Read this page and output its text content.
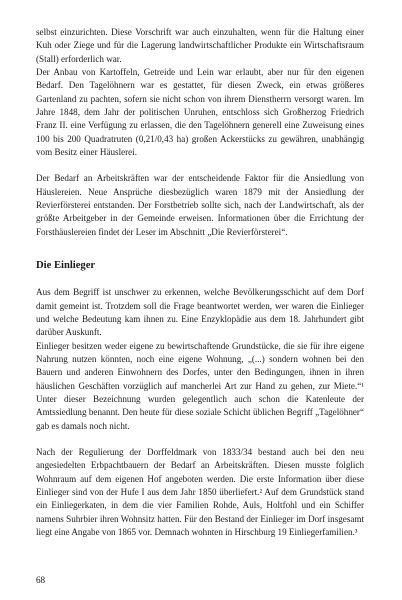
selbst einzurichten. Diese Vorschrift war auch einzuhalten, wenn für die Haltung einer Kuh oder Ziege und für die Lagerung landwirtschaftlicher Produkte ein Wirtschaftsraum (Stall) erforderlich war.

Der Anbau von Kartoffeln, Getreide und Lein war erlaubt, aber nur für den eigenen Bedarf. Den Tagelöhnern war es gestattet, für diesen Zweck, ein etwas größeres Gartenland zu pachten, sofern sie nicht schon von ihrem Dienstherrn versorgt waren. Im Jahre 1848, dem Jahr der politischen Unruhen, entschloss sich Großherzog Friedrich Franz II. eine Verfügung zu erlassen, die den Tagelöhnern generell eine Zuweisung eines 100 bis 200 Quadratruten (0,21/0,43 ha) großen Ackerstücks zu gewähren, unabhängig vom Besitz einer Häuslerei.

Der Bedarf an Arbeitskräften war der entscheidende Faktor für die Ansiedlung von Häuslereien. Neue Ansprüche diesbezüglich waren 1879 mit der Ansiedlung der Revierförsterei entstanden. Der Forstbetrieb sollte sich, nach der Landwirtschaft, als der größte Arbeitgeber in der Gemeinde erweisen. Informationen über die Errichtung der Forsthäuslereien findet der Leser im Abschnitt „Die Revierförsterei“.

Die Einlieger

Aus dem Begriff ist unschwer zu erkennen, welche Bevölkerungsschicht auf dem Dorf damit gemeint ist. Trotzdem soll die Frage beantwortet werden, wer waren die Einlieger und welche Bedeutung kam ihnen zu. Eine Enzyklopädie aus dem 18. Jahrhundert gibt darüber Auskunft.

Einlieger besitzen weder eigene zu bewirtschaftende Grundstücke, die sie für ihre eigene Nahrung nutzen könnten, noch eine eigene Wohnung, „(...) sondern wohnen bei den Bauern und anderen Einwohnern des Dorfes, unter den Bedingungen, ihnen in ihren häuslichen Geschäften vorzüglich auf mancherlei Art zur Hand zu gehen, zur Miete.“¹ Unter dieser Bezeichnung wurden gelegentlich auch schon die Katenleute der Amtssiedlung benannt. Den heute für diese soziale Schicht üblichen Begriff „Tagelöhner“ gab es damals noch nicht.

Nach der Regulierung der Dorffeldmark von 1833/34 bestand auch bei den neu angesiedelten Erbpachtbauern der Bedarf an Arbeitskräften. Diesen musste folglich Wohnraum auf dem eigenen Hof angeboten werden. Die erste Information über diese Einlieger sind von der Hufe I aus dem Jahr 1850 überliefert.² Auf dem Grundstück stand ein Einliegerkaten, in dem die vier Familien Rohde, Auls, Holtfohl und ein Schiffer namens Suhrbier ihren Wohnsitz hatten. Für den Bestand der Einlieger im Dorf insgesamt liegt eine Angabe von 1865 vor. Demnach wohnten in Hirschburg 19 Einliegerfamilien.³

68
